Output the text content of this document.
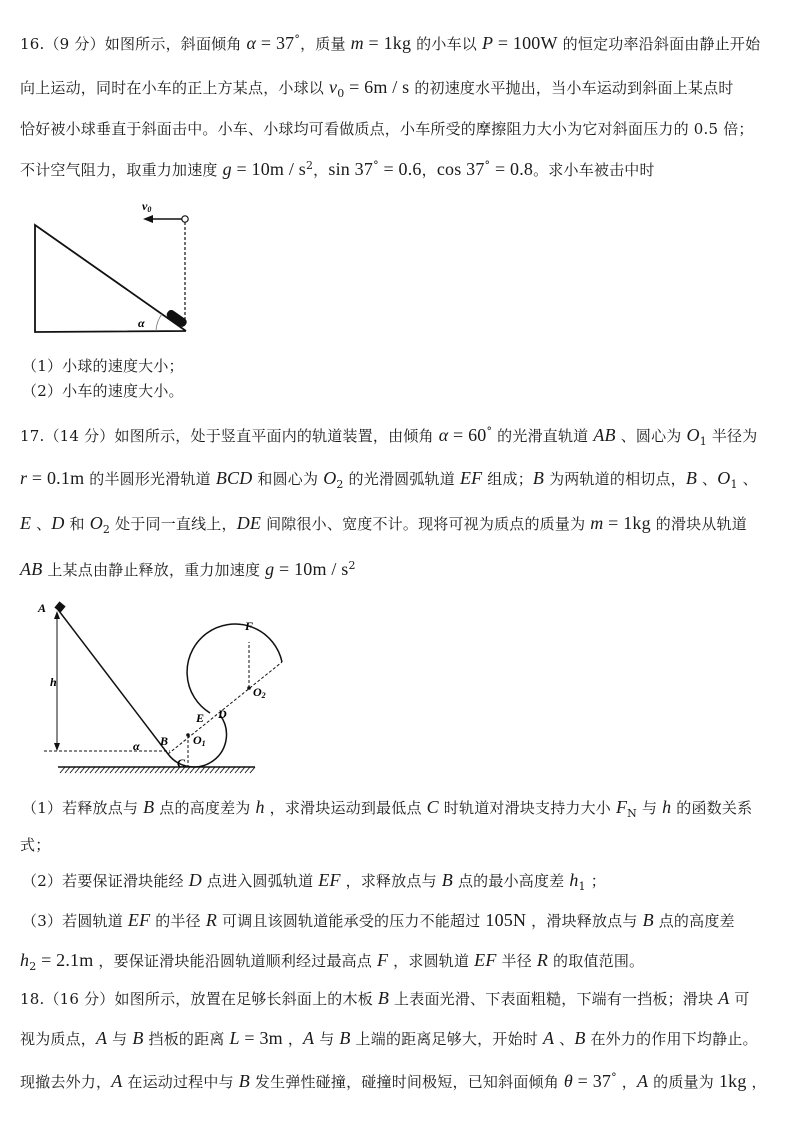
16.（9 分）如图所示，斜面倾角 α = 37°，质量 m = 1kg 的小车以 P = 100W 的恒定功率沿斜面由静止开始
向上运动，同时在小车的正上方某点，小球以 $v_0 = 6m / s$ 的初速度水平抛出，当小车运动到斜面上某点时
恰好被小球垂直于斜面击中。小车、小球均可看做质点，小车所受的摩擦阻力大小为它对斜面压力的 0.5 倍；
不计空气阻力，取重力加速度 $g = 10m / s^2$，sin 37° = 0.6，cos 37° = 0.8。求小车被击中时
（1）小球的速度大小；
（2）小车的速度大小。
17.（14 分）如图所示，处于竖直平面内的轨道装置，由倾角 α = 60° 的光滑直轨道 AB 、圆心为 $O_1$ 半径为
r = 0.1m 的半圆形光滑轨道 BCD 和圆心为 $O_2$ 的光滑圆弧轨道 EF 组成；B 为两轨道的相切点，B 、$O_1$ 、
E 、D 和 $O_2$ 处于同一直线上，DE 间隙很小、宽度不计。现将可视为质点的质量为 m = 1kg 的滑块从轨道
AB 上某点由静止释放，重力加速度 $g = 10m / s^2$
（1）若释放点与 B 点的高度差为 h ，求滑块运动到最低点 C 时轨道对滑块支持力大小 $F_N$ 与 h 的函数关系
式；
（2）若要保证滑块能经 D 点进入圆弧轨道 EF ，求释放点与 B 点的最小高度差 $h_1$ ；
（3）若圆轨道 EF 的半径 R 可调且该圆轨道能承受的压力不能超过 105N ，滑块释放点与 B 点的高度差
$h_2 = 2.1m$ ，要保证滑块能沿圆轨道顺利经过最高点 F ，求圆轨道 EF 半径 R 的取值范围。
18.（16 分）如图所示，放置在足够长斜面上的木板 B 上表面光滑、下表面粗糙，下端有一挡板；滑块 A 可
视为质点，A 与 B 挡板的距离 L = 3m ，A 与 B 上端的距离足够大，开始时 A 、B 在外力的作用下均静止。
现撤去外力，A 在运动过程中与 B 发生弹性碰撞，碰撞时间极短，已知斜面倾角 θ = 37° ，A 的质量为 1kg ，
v0
α
A
h
α B
C
O1
E D
F
O2
